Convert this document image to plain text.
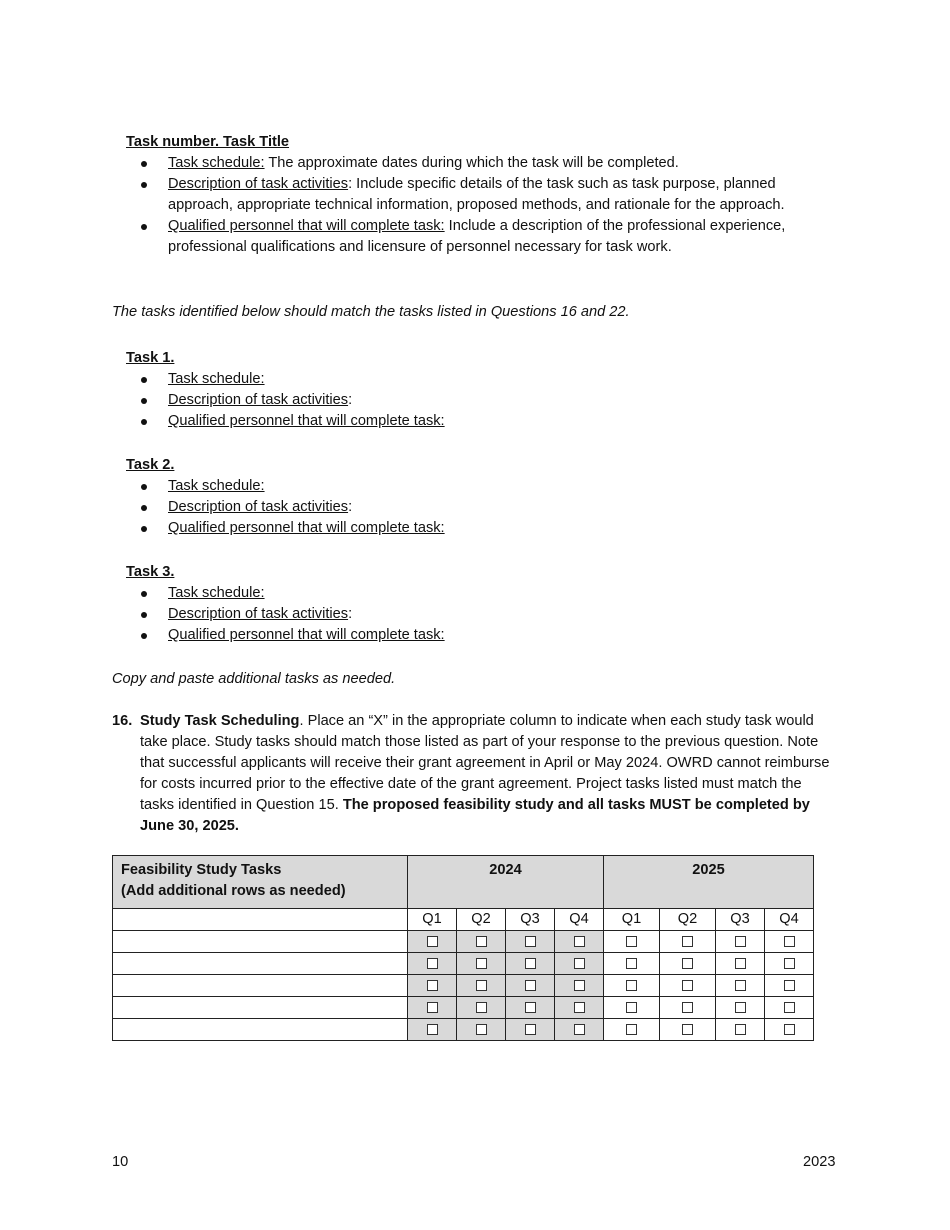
Task number. Task Title
Task schedule: The approximate dates during which the task will be completed.
Description of task activities: Include specific details of the task such as task purpose, planned approach, appropriate technical information, proposed methods, and rationale for the approach.
Qualified personnel that will complete task: Include a description of the professional experience, professional qualifications and licensure of personnel necessary for task work.
The tasks identified below should match the tasks listed in Questions 16 and 22.
Task 1.
Task schedule:
Description of task activities:
Qualified personnel that will complete task:
Task 2.
Task schedule:
Description of task activities:
Qualified personnel that will complete task:
Task 3.
Task schedule:
Description of task activities:
Qualified personnel that will complete task:
Copy and paste additional tasks as needed.
16. Study Task Scheduling. Place an “X” in the appropriate column to indicate when each study task would take place. Study tasks should match those listed as part of your response to the previous question. Note that successful applicants will receive their grant agreement in April or May 2024. OWRD cannot reimburse for costs incurred prior to the effective date of the grant agreement. Project tasks listed must match the tasks identified in Question 15. The proposed feasibility study and all tasks MUST be completed by June 30, 2025.
Feasibility Study Tasks
(Add additional rows as needed)	2024				2025			
	Q1	Q2	Q3	Q4	Q1	Q2	Q3	Q4

10	2023
